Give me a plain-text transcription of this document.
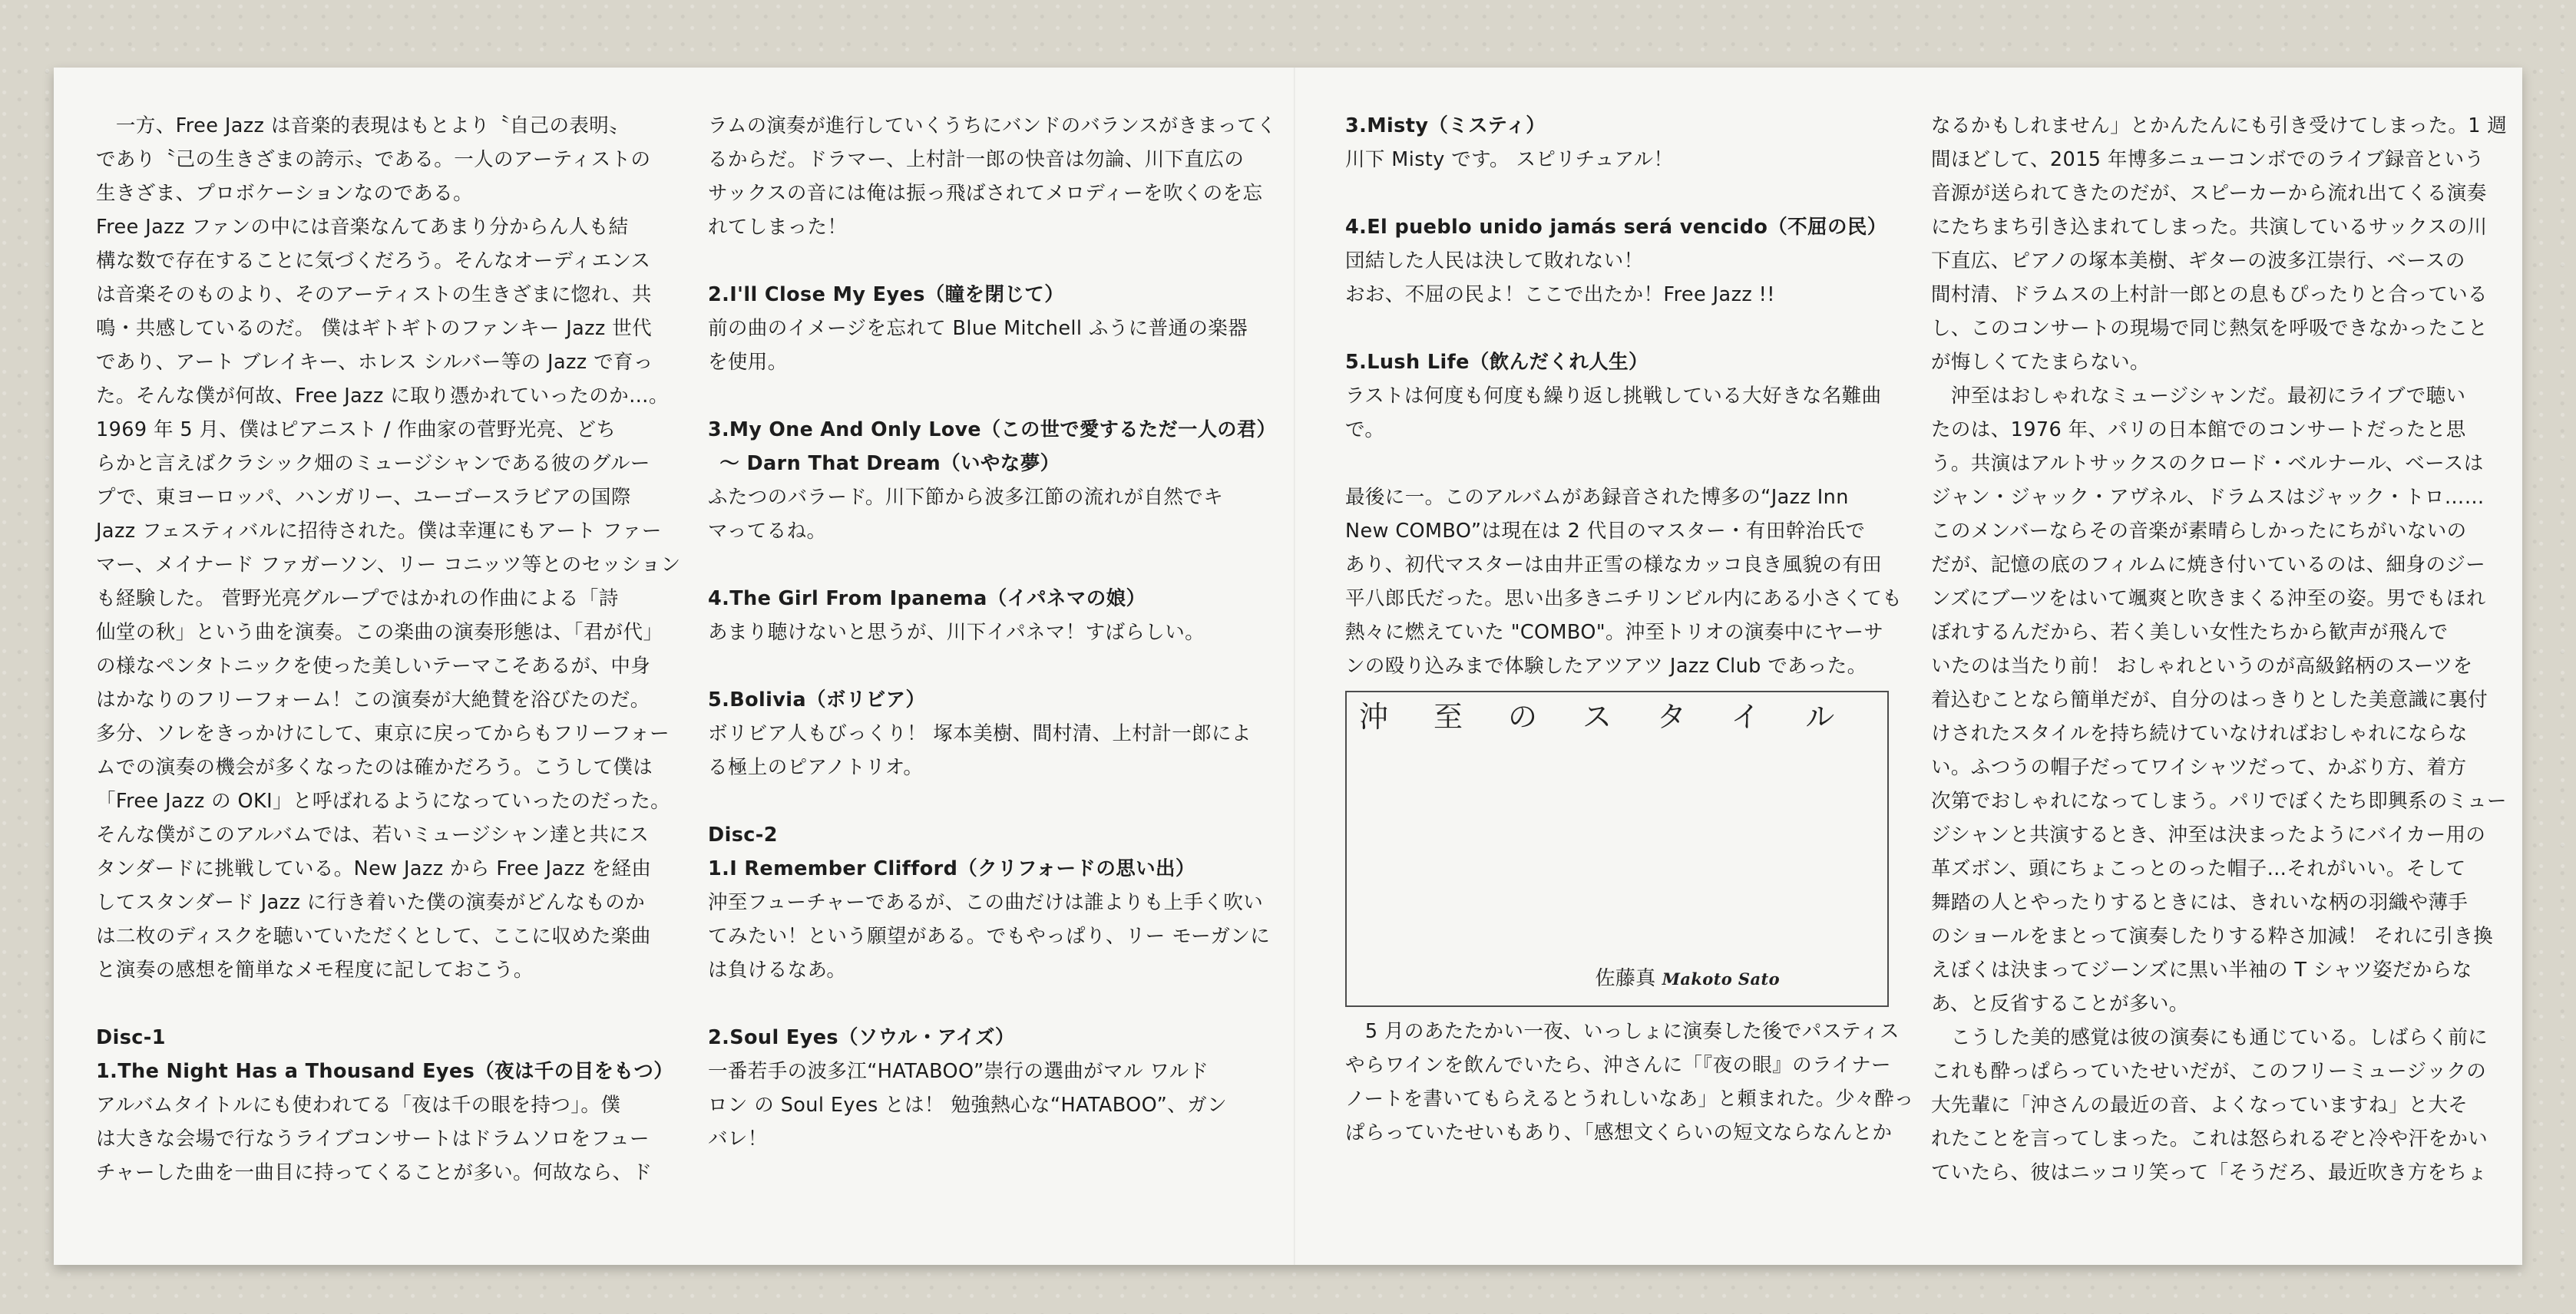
　一方、Free Jazz は音楽的表現はもとより〝自己の表明〟

であり〝己の生きざまの誇示〟である。一人のアーティストの

生きざま、プロボケーションなのである。

Free Jazz ファンの中には音楽なんてあまり分からん人も結

構な数で存在することに気づくだろう。そんなオーディエンス

は音楽そのものより、そのアーティストの生きざまに惚れ、共

鳴・共感しているのだ。 僕はギトギトのファンキー Jazz 世代

であり、アート ブレイキー、ホレス シルバー等の Jazz で育っ

た。そんな僕が何故、Free Jazz に取り憑かれていったのか…。

1969 年 5 月、僕はピアニスト / 作曲家の菅野光亮、どち

らかと言えばクラシック畑のミュージシャンである彼のグルー

プで、東ヨーロッパ、ハンガリー、ユーゴースラビアの国際

Jazz フェスティバルに招待された。僕は幸運にもアート ファー

マー、メイナード ファガーソン、リー コニッツ等とのセッション

も経験した。 菅野光亮グループではかれの作曲による「詩

仙堂の秋」という曲を演奏。この楽曲の演奏形態は、「君が代」

の様なペンタトニックを使った美しいテーマこそあるが、中身

はかなりのフリーフォーム！この演奏が大絶賛を浴びたのだ。

多分、ソレをきっかけにして、東京に戻ってからもフリーフォー

ムでの演奏の機会が多くなったのは確かだろう。こうして僕は

「Free Jazz の OKI」と呼ばれるようになっていったのだった。

そんな僕がこのアルバムでは、若いミュージシャン達と共にス

タンダードに挑戦している。New Jazz から Free Jazz を経由

してスタンダード Jazz に行き着いた僕の演奏がどんなものか

は二枚のディスクを聴いていただくとして、ここに収めた楽曲

と演奏の感想を簡単なメモ程度に記しておこう。

Disc-1

1.The Night Has a Thousand Eyes（夜は千の目をもつ）

アルバムタイトルにも使われてる「夜は千の眼を持つ」。僕

は大きな会場で行なうライブコンサートはドラムソロをフュー

チャーした曲を一曲目に持ってくることが多い。何故なら、ド

ラムの演奏が進行していくうちにバンドのバランスがきまってく

るからだ。ドラマー、上村計一郎の快音は勿論、川下直広の

サックスの音には俺は振っ飛ばされてメロディーを吹くのを忘

れてしまった！

2.I'll Close My Eyes（瞳を閉じて）

前の曲のイメージを忘れて Blue Mitchell ふうに普通の楽器

を使用。

3.My One And Only Love（この世で愛するただ一人の君）

〜 Darn That Dream（いやな夢）

ふたつのバラード。川下節から波多江節の流れが自然でキ

マってるね。

4.The Girl From Ipanema（イパネマの娘）

あまり聴けないと思うが、川下イパネマ！すばらしい。

5.Bolivia（ボリビア）

ボリビア人もびっくり！ 塚本美樹、間村清、上村計一郎によ

る極上のピアノトリオ。

Disc-2

1.I Remember Clifford（クリフォードの思い出）

沖至フューチャーであるが、この曲だけは誰よりも上手く吹い

てみたい！という願望がある。でもやっぱり、リー モーガンに

は負けるなあ。

2.Soul Eyes（ソウル・アイズ）

一番若手の波多江“HATABOO”崇行の選曲がマル ワルド

ロン の Soul Eyes とは！ 勉強熱心な“HATABOO”、ガン

バレ！

3.Misty（ミスティ）

川下 Misty です。 スピリチュアル！

4.El pueblo unido jamás será vencido（不屈の民）

団結した人民は決して敗れない！

おお、不屈の民よ！ここで出たか！Free Jazz !!

5.Lush Life（飲んだくれ人生）

ラストは何度も何度も繰り返し挑戦している大好きな名難曲

で。

最後に一。このアルバムがあ録音された博多の“Jazz Inn

New COMBO”は現在は 2 代目のマスター・有田幹治氏で

あり、初代マスターは由井正雪の様なカッコ良き風貌の有田

平八郎氏だった。思い出多きニチリンビル内にある小さくても

熱々に燃えていた "COMBO"。沖至トリオの演奏中にヤーサ

ンの殴り込みまで体験したアツアツ Jazz Club であった。

沖至のスタイル
佐藤真 Makoto Sato

　5 月のあたたかい一夜、いっしょに演奏した後でパスティス

やらワインを飲んでいたら、沖さんに「『夜の眼』のライナー

ノートを書いてもらえるとうれしいなあ」と頼まれた。少々酔っ

ぱらっていたせいもあり、「感想文くらいの短文ならなんとか

なるかもしれません」とかんたんにも引き受けてしまった。1 週

間ほどして、2015 年博多ニューコンボでのライブ録音という

音源が送られてきたのだが、スピーカーから流れ出てくる演奏

にたちまち引き込まれてしまった。共演しているサックスの川

下直広、ピアノの塚本美樹、ギターの波多江崇行、ベースの

間村清、ドラムスの上村計一郎との息もぴったりと合っている

し、このコンサートの現場で同じ熱気を呼吸できなかったこと

が悔しくてたまらない。

　沖至はおしゃれなミュージシャンだ。最初にライブで聴い

たのは、1976 年、パリの日本館でのコンサートだったと思

う。共演はアルトサックスのクロード・ベルナール、ベースは

ジャン・ジャック・アヴネル、ドラムスはジャック・トロ……

このメンバーならその音楽が素晴らしかったにちがいないの

だが、記憶の底のフィルムに焼き付いているのは、細身のジー

ンズにブーツをはいて颯爽と吹きまくる沖至の姿。男でもほれ

ぼれするんだから、若く美しい女性たちから歓声が飛んで

いたのは当たり前！ おしゃれというのが高級銘柄のスーツを

着込むことなら簡単だが、自分のはっきりとした美意識に裏付

けされたスタイルを持ち続けていなければおしゃれにならな

い。ふつうの帽子だってワイシャツだって、かぶり方、着方

次第でおしゃれになってしまう。パリでぼくたち即興系のミュー

ジシャンと共演するとき、沖至は決まったようにバイカー用の

革ズボン、頭にちょこっとのった帽子…それがいい。そして

舞踏の人とやったりするときには、きれいな柄の羽織や薄手

のショールをまとって演奏したりする粋さ加減！ それに引き換

えぼくは決まってジーンズに黒い半袖の T シャツ姿だからな

あ、と反省することが多い。

　こうした美的感覚は彼の演奏にも通じている。しばらく前に

これも酔っぱらっていたせいだが、このフリーミュージックの

大先輩に「沖さんの最近の音、よくなっていますね」と大そ

れたことを言ってしまった。これは怒られるぞと冷や汗をかい

ていたら、彼はニッコリ笑って「そうだろ、最近吹き方をちょ
